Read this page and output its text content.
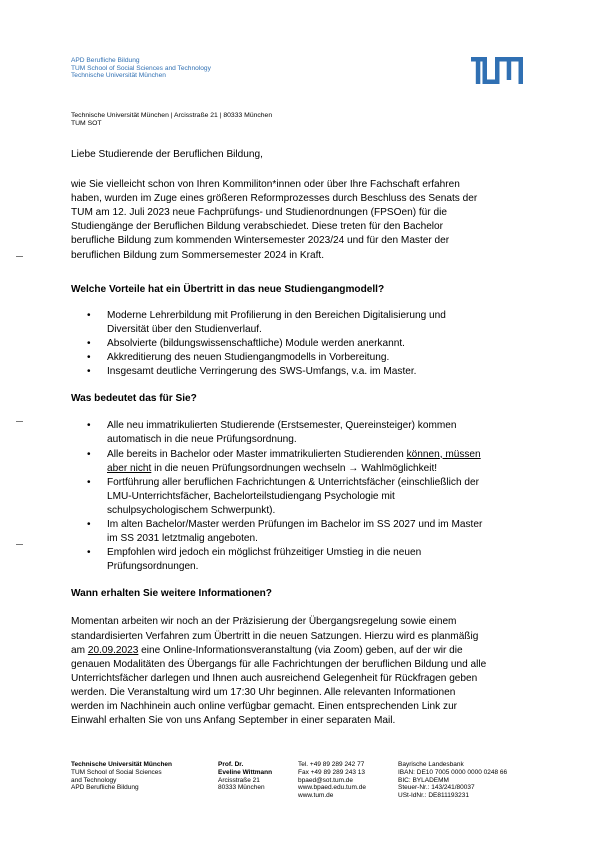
APD Berufliche Bildung
TUM School of Social Sciences and Technology
Technische Universität München
Technische Universität München | Arcisstraße 21 | 80333 München
TUM SOT

Liebe Studierende der Beruflichen Bildung,

wie Sie vielleicht schon von Ihren Kommiliton*innen oder über Ihre Fachschaft erfahren
haben, wurden im Zuge eines größeren Reformprozesses durch Beschluss des Senats der
TUM am 12. Juli 2023 neue Fachprüfungs- und Studienordnungen (FPSOen) für die
Studiengänge der Beruflichen Bildung verabschiedet. Diese treten für den Bachelor
berufliche Bildung zum kommenden Wintersemester 2023/24 und für den Master der
beruflichen Bildung zum Sommersemester 2024 in Kraft.

Welche Vorteile hat ein Übertritt in das neue Studiengangmodell?
• Moderne Lehrerbildung mit Profilierung in den Bereichen Digitalisierung und
Diversität über den Studienverlauf.
• Absolvierte (bildungswissenschaftliche) Module werden anerkannt.
• Akkreditierung des neuen Studiengangmodells in Vorbereitung.
• Insgesamt deutliche Verringerung des SWS-Umfangs, v.a. im Master.
Was bedeutet das für Sie?
• Alle neu immatrikulierten Studierende (Erstsemester, Quereinsteiger) kommen
automatisch in die neue Prüfungsordnung.
• Alle bereits in Bachelor oder Master immatrikulierten Studierenden können, müssen
aber nicht in die neuen Prüfungsordnungen wechseln → Wahlmöglichkeit!
• Fortführung aller beruflichen Fachrichtungen & Unterrichtsfächer (einschließlich der
LMU-Unterrichtsfächer, Bachelorteilstudiengang Psychologie mit
schulpsychologischem Schwerpunkt).
• Im alten Bachelor/Master werden Prüfungen im Bachelor im SS 2027 und im Master
im SS 2031 letztmalig angeboten.
• Empfohlen wird jedoch ein möglichst frühzeitiger Umstieg in die neuen
Prüfungsordnungen.
Wann erhalten Sie weitere Informationen?

Momentan arbeiten wir noch an der Präzisierung der Übergangsregelung sowie einem
standardisierten Verfahren zum Übertritt in die neuen Satzungen. Hierzu wird es planmäßig
am 20.09.2023 eine Online-Informationsveranstaltung (via Zoom) geben, auf der wir die
genauen Modalitäten des Übergangs für alle Fachrichtungen der beruflichen Bildung und alle
Unterrichtsfächer darlegen und Ihnen auch ausreichend Gelegenheit für Rückfragen geben
werden. Die Veranstaltung wird um 17:30 Uhr beginnen. Alle relevanten Informationen
werden im Nachhinein auch online verfügbar gemacht. Einen entsprechenden Link zur
Einwahl erhalten Sie von uns Anfang September in einer separaten Mail.

Technische Universität München
TUM School of Social Sciences
and Technology
APD Berufliche Bildung
Prof. Dr.
Eveline Wittmann
Arcisstraße 21
80333 München
Tel. +49 89 289 242 77
Fax +49 89 289 243 13
bpaed@sot.tum.de
www.bpaed.edu.tum.de
www.tum.de
Bayrische Landesbank
IBAN: DE10 7005 0000 0000 0248 66
BIC: BYLADEMM
Steuer-Nr.: 143/241/80037
USt-IdNr.: DE811193231
